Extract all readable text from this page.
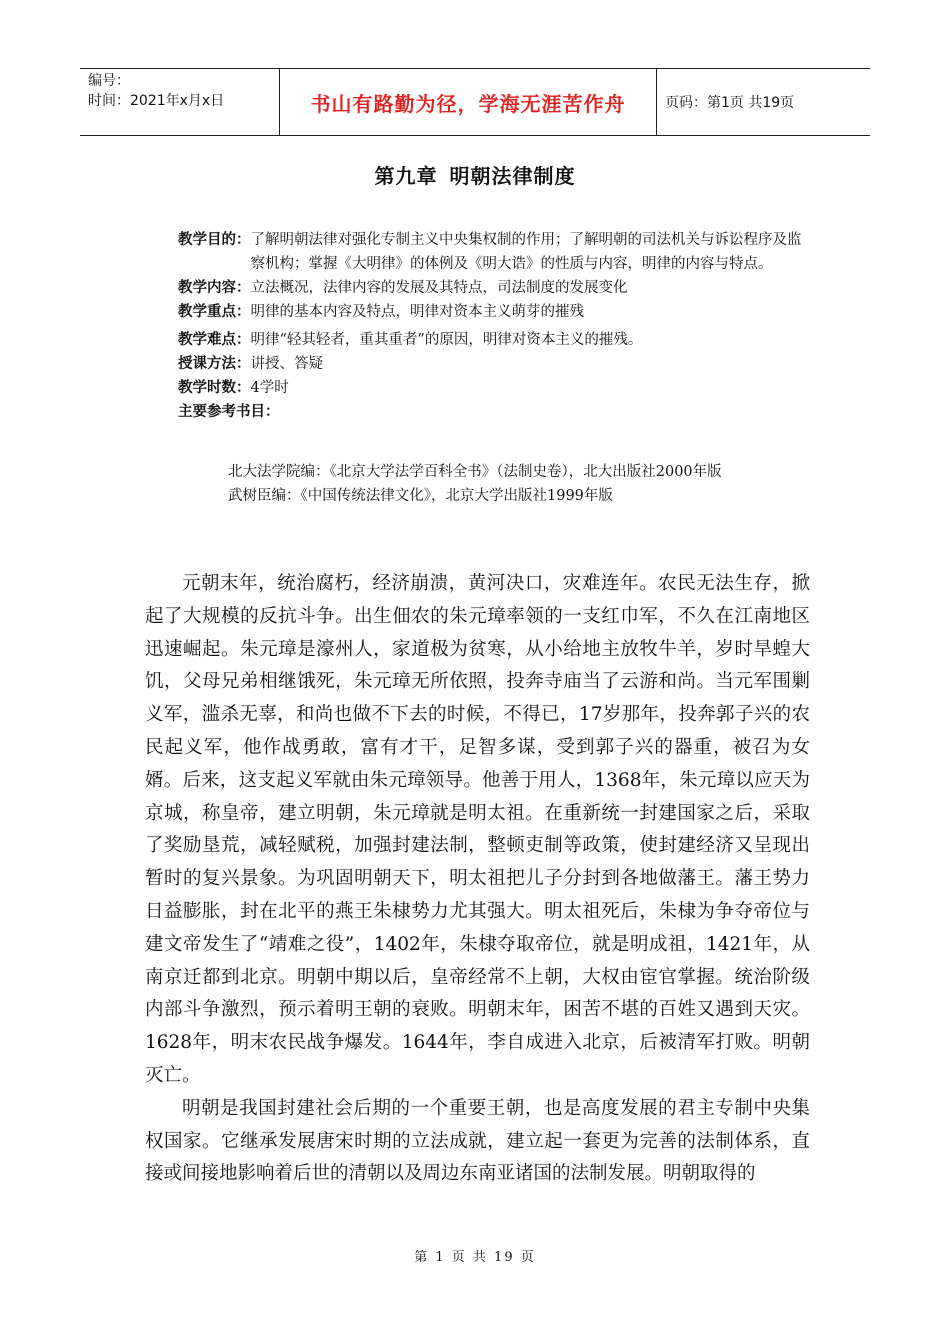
编号：
时间：2021年x月x日	书山有路勤为径，学海无涯苦作舟	页码：第1页 共19页
第九章 明朝法律制度
教学目的： 了解明朝法律对强化专制主义中央集权制的作用；了解明朝的司法机关与诉讼程序及监察机构；掌握《大明律》的体例及《明大诰》的性质与内容，明律的内容与特点。
教学内容： 立法概况，法律内容的发展及其特点，司法制度的发展变化
教学重点： 明律的基本内容及特点，明律对资本主义萌芽的摧残
教学难点： 明律“轻其轻者，重其重者”的原因，明律对资本主义的摧残。
授课方法： 讲授、答疑
教学时数： 4学时
主要参考书目：

北大法学院编：《北京大学法学百科全书》（法制史卷），北大出版社2000年版

武树臣编：《中国传统法律文化》，北京大学出版社1999年版

元朝末年，统治腐朽，经济崩溃，黄河决口，灾难连年。农民无法生存，掀起了大规模的反抗斗争。出生佃农的朱元璋率领的一支红巾军，不久在江南地区迅速崛起。朱元璋是濠州人，家道极为贫寒，从小给地主放牧牛羊，岁时旱蝗大饥，父母兄弟相继饿死，朱元璋无所依照，投奔寺庙当了云游和尚。当元军围剿义军，滥杀无辜，和尚也做不下去的时候，不得已，17岁那年，投奔郭子兴的农民起义军，他作战勇敢，富有才干，足智多谋，受到郭子兴的器重，被召为女婿。后来，这支起义军就由朱元璋领导。他善于用人，1368年，朱元璋以应天为京城，称皇帝，建立明朝，朱元璋就是明太祖。在重新统一封建国家之后，采取了奖励垦荒，减轻赋税，加强封建法制，整顿吏制等政策，使封建经济又呈现出暂时的复兴景象。为巩固明朝天下，明太祖把儿子分封到各地做藩王。藩王势力日益膨胀，封在北平的燕王朱棣势力尤其强大。明太祖死后，朱棣为争夺帝位与建文帝发生了“靖难之役”，1402年，朱棣夺取帝位，就是明成祖，1421年，从南京迁都到北京。明朝中期以后，皇帝经常不上朝，大权由宦官掌握。统治阶级内部斗争激烈，预示着明王朝的衰败。明朝末年，困苦不堪的百姓又遇到天灾。1628年，明末农民战争爆发。1644年，李自成进入北京，后被清军打败。明朝灭亡。

明朝是我国封建社会后期的一个重要王朝，也是高度发展的君主专制中央集权国家。它继承发展唐宋时期的立法成就，建立起一套更为完善的法制体系，直接或间接地影响着后世的清朝以及周边东南亚诸国的法制发展。明朝取得的

第 1 页 共 19 页
